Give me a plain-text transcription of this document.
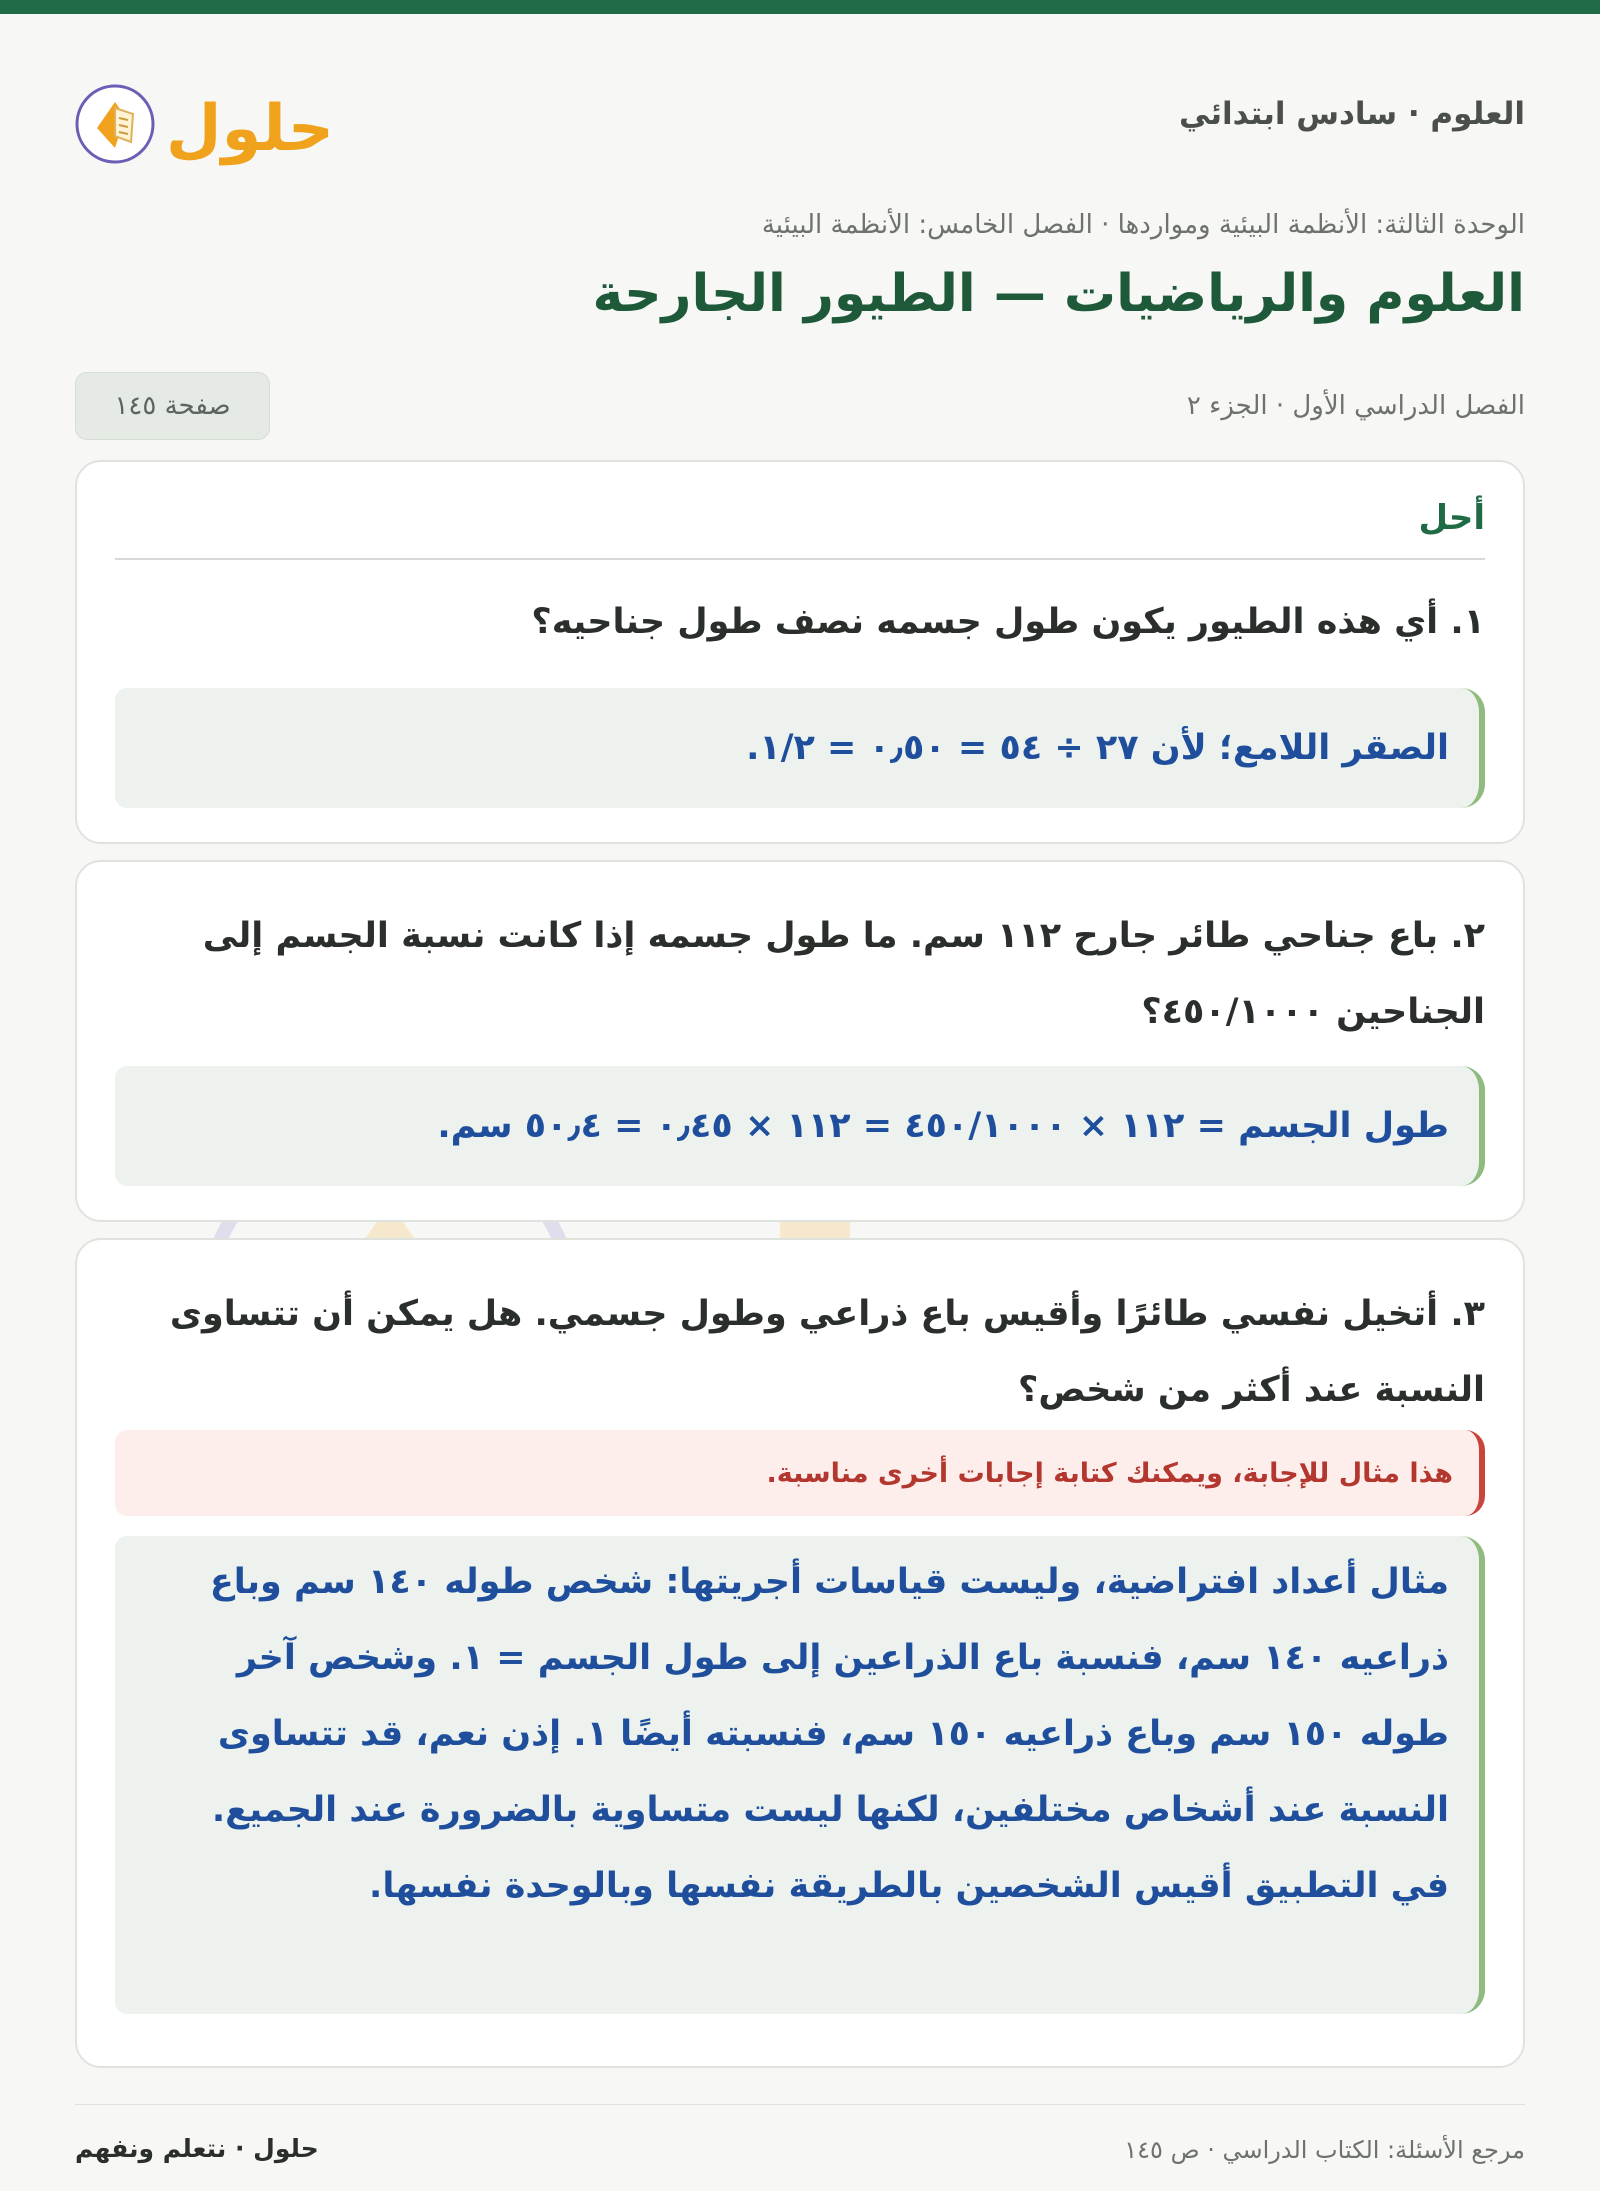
حلول	العلوم · سادس ابتدائي
الوحدة الثالثة: الأنظمة البيئية ومواردها · الفصل الخامس: الأنظمة البيئية
العلوم والرياضيات — الطيور الجارحة
الفصل الدراسي الأول · الجزء ٢
صفحة ١٤٥
أحل

١. أي هذه الطيور يكون طول جسمه نصف طول جناحيه؟

الصقر اللامع؛ لأن ٢٧ ÷ ٥٤ = ٠٫٥٠ = ١/٢.

٢. باع جناحي طائر جارح ١١٢ سم. ما طول جسمه إذا كانت نسبة الجسم إلى الجناحين ٤٥٠/١٠٠٠؟

طول الجسم = ١١٢ × ٤٥٠/١٠٠٠ = ١١٢ × ٠٫٤٥ = ٥٠٫٤ سم.

٣. أتخيل نفسي طائرًا وأقيس باع ذراعي وطول جسمي. هل يمكن أن تتساوى النسبة عند أكثر من شخص؟

هذا مثال للإجابة، ويمكنك كتابة إجابات أخرى مناسبة.
مثال أعداد افتراضية، وليست قياسات أجريتها: شخص طوله ١٤٠ سم وباع ذراعيه ١٤٠ سم، فنسبة باع الذراعين إلى طول الجسم = ١. وشخص آخر طوله ١٥٠ سم وباع ذراعيه ١٥٠ سم، فنسبته أيضًا ١. إذن نعم، قد تتساوى النسبة عند أشخاص مختلفين، لكنها ليست متساوية بالضرورة عند الجميع. في التطبيق أقيس الشخصين بالطريقة نفسها وبالوحدة نفسها.
مرجع الأسئلة: الكتاب الدراسي · ص ١٤٥
حلول · نتعلم ونفهم
